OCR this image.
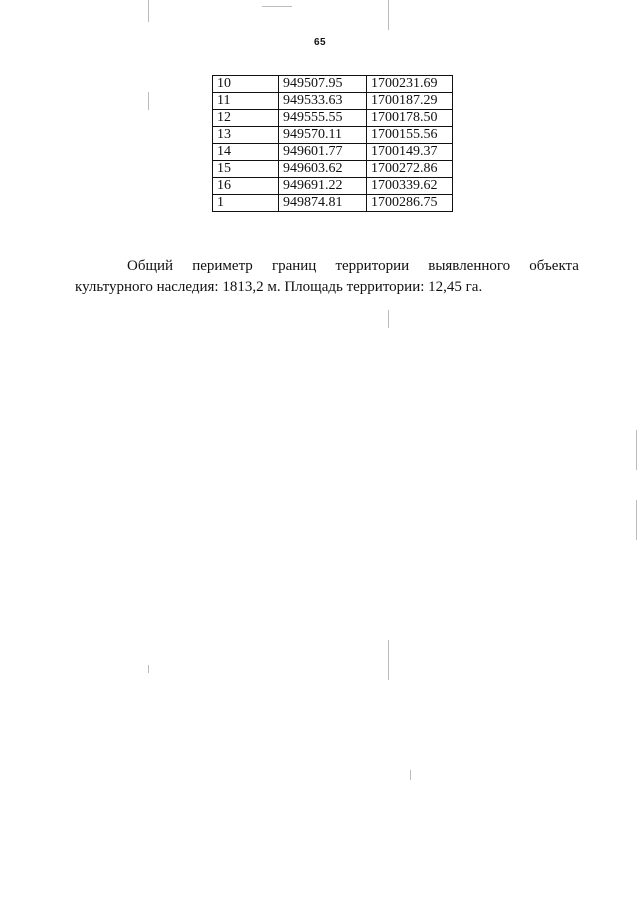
65
10	949507.95	1700231.69
11	949533.63	1700187.29
12	949555.55	1700178.50
13	949570.11	1700155.56
14	949601.77	1700149.37
15	949603.62	1700272.86
16	949691.22	1700339.62
1	949874.81	1700286.75
Общий периметр границ территории выявленного объекта
культурного наследия: 1813,2 м. Площадь территории: 12,45 га.
